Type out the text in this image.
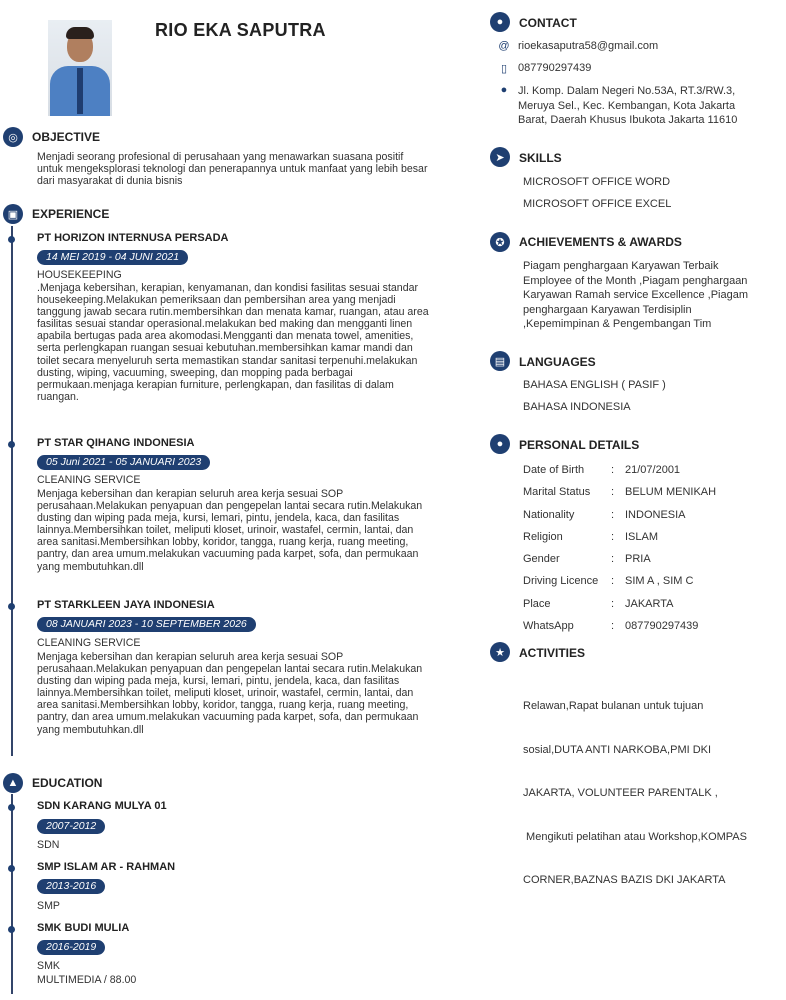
RIO EKA SAPUTRA
◎	OBJECTIVE
Menjadi seorang profesional di perusahaan yang menawarkan suasana positif
untuk mengeksplorasi teknologi dan penerapannya untuk manfaat yang lebih besar
dari masyarakat di dunia bisnis
▣	EXPERIENCE
PT HORIZON INTERNUSA PERSADA
14 MEI 2019 - 04 JUNI 2021
HOUSEKEEPING
.Menjaga kebersihan, kerapian, kenyamanan, dan kondisi fasilitas sesuai standar
housekeeping.Melakukan pemeriksaan dan pembersihan area yang menjadi
tanggung jawab secara rutin.membersihkan dan menata kamar, ruangan, atau area
fasilitas sesuai standar operasional.melakukan bed making dan mengganti linen
apabila bertugas pada area akomodasi.Mengganti dan menata towel, amenities,
serta perlengkapan ruangan sesuai kebutuhan.membersihkan kamar mandi dan
toilet secara menyeluruh serta memastikan standar sanitasi terpenuhi.melakukan
dusting, wiping, vacuuming, sweeping, dan mopping pada berbagai
permukaan.menjaga kerapian furniture, perlengkapan, dan fasilitas di dalam
ruangan.
PT STAR QIHANG INDONESIA
05 Juni 2021 - 05 JANUARI 2023
CLEANING SERVICE
Menjaga kebersihan dan kerapian seluruh area kerja sesuai SOP
perusahaan.Melakukan penyapuan dan pengepelan lantai secara rutin.Melakukan
dusting dan wiping pada meja, kursi, lemari, pintu, jendela, kaca, dan fasilitas
lainnya.Membersihkan toilet, meliputi kloset, urinoir, wastafel, cermin, lantai, dan
area sanitasi.Membersihkan lobby, koridor, tangga, ruang kerja, ruang meeting,
pantry, dan area umum.melakukan vacuuming pada karpet, sofa, dan permukaan
yang membutuhkan.dll
PT STARKLEEN JAYA INDONESIA
08 JANUARI 2023 - 10 SEPTEMBER 2026
CLEANING SERVICE
Menjaga kebersihan dan kerapian seluruh area kerja sesuai SOP
perusahaan.Melakukan penyapuan dan pengepelan lantai secara rutin.Melakukan
dusting dan wiping pada meja, kursi, lemari, pintu, jendela, kaca, dan fasilitas
lainnya.Membersihkan toilet, meliputi kloset, urinoir, wastafel, cermin, lantai, dan
area sanitasi.Membersihkan lobby, koridor, tangga, ruang kerja, ruang meeting,
pantry, dan area umum.melakukan vacuuming pada karpet, sofa, dan permukaan
yang membutuhkan.dll
▲	EDUCATION
SDN KARANG MULYA 01
2007-2012
SDN
SMP ISLAM AR - RAHMAN
2013-2016
SMP
SMK BUDI MULIA
2016-2019
SMK
MULTIMEDIA / 88.00
●	CONTACT
@ rioekasaputra58@gmail.com
▯ 087790297439
● Jl. Komp. Dalam Negeri No.53A, RT.3/RW.3,
Meruya Sel., Kec. Kembangan, Kota Jakarta
Barat, Daerah Khusus Ibukota Jakarta 11610
➤	SKILLS
MICROSOFT OFFICE WORD
MICROSOFT OFFICE EXCEL
✪	ACHIEVEMENTS & AWARDS
Piagam penghargaan Karyawan Terbaik
Employee of the Month ,Piagam penghargaan
Karyawan Ramah service Excellence ,Piagam
penghargaan Karyawan Terdisiplin
,Kepemimpinan & Pengembangan Tim
▤	LANGUAGES
BAHASA ENGLISH ( PASIF )
BAHASA INDONESIA
●	PERSONAL DETAILS
Date of Birth	: 21/07/2001
Marital Status	: BELUM MENIKAH
Nationality	: INDONESIA
Religion	: ISLAM
Gender	: PRIA
Driving Licence	: SIM A , SIM C
Place	: JAKARTA
WhatsApp	: 087790297439
★	ACTIVITIES

Relawan,Rapat bulanan untuk tujuan

sosial,DUTA ANTI NARKOBA,PMI DKI

JAKARTA, VOLUNTEER PARENTALK ,

Mengikuti pelatihan atau Workshop,KOMPAS

CORNER,BAZNAS BAZIS DKI JAKARTA
